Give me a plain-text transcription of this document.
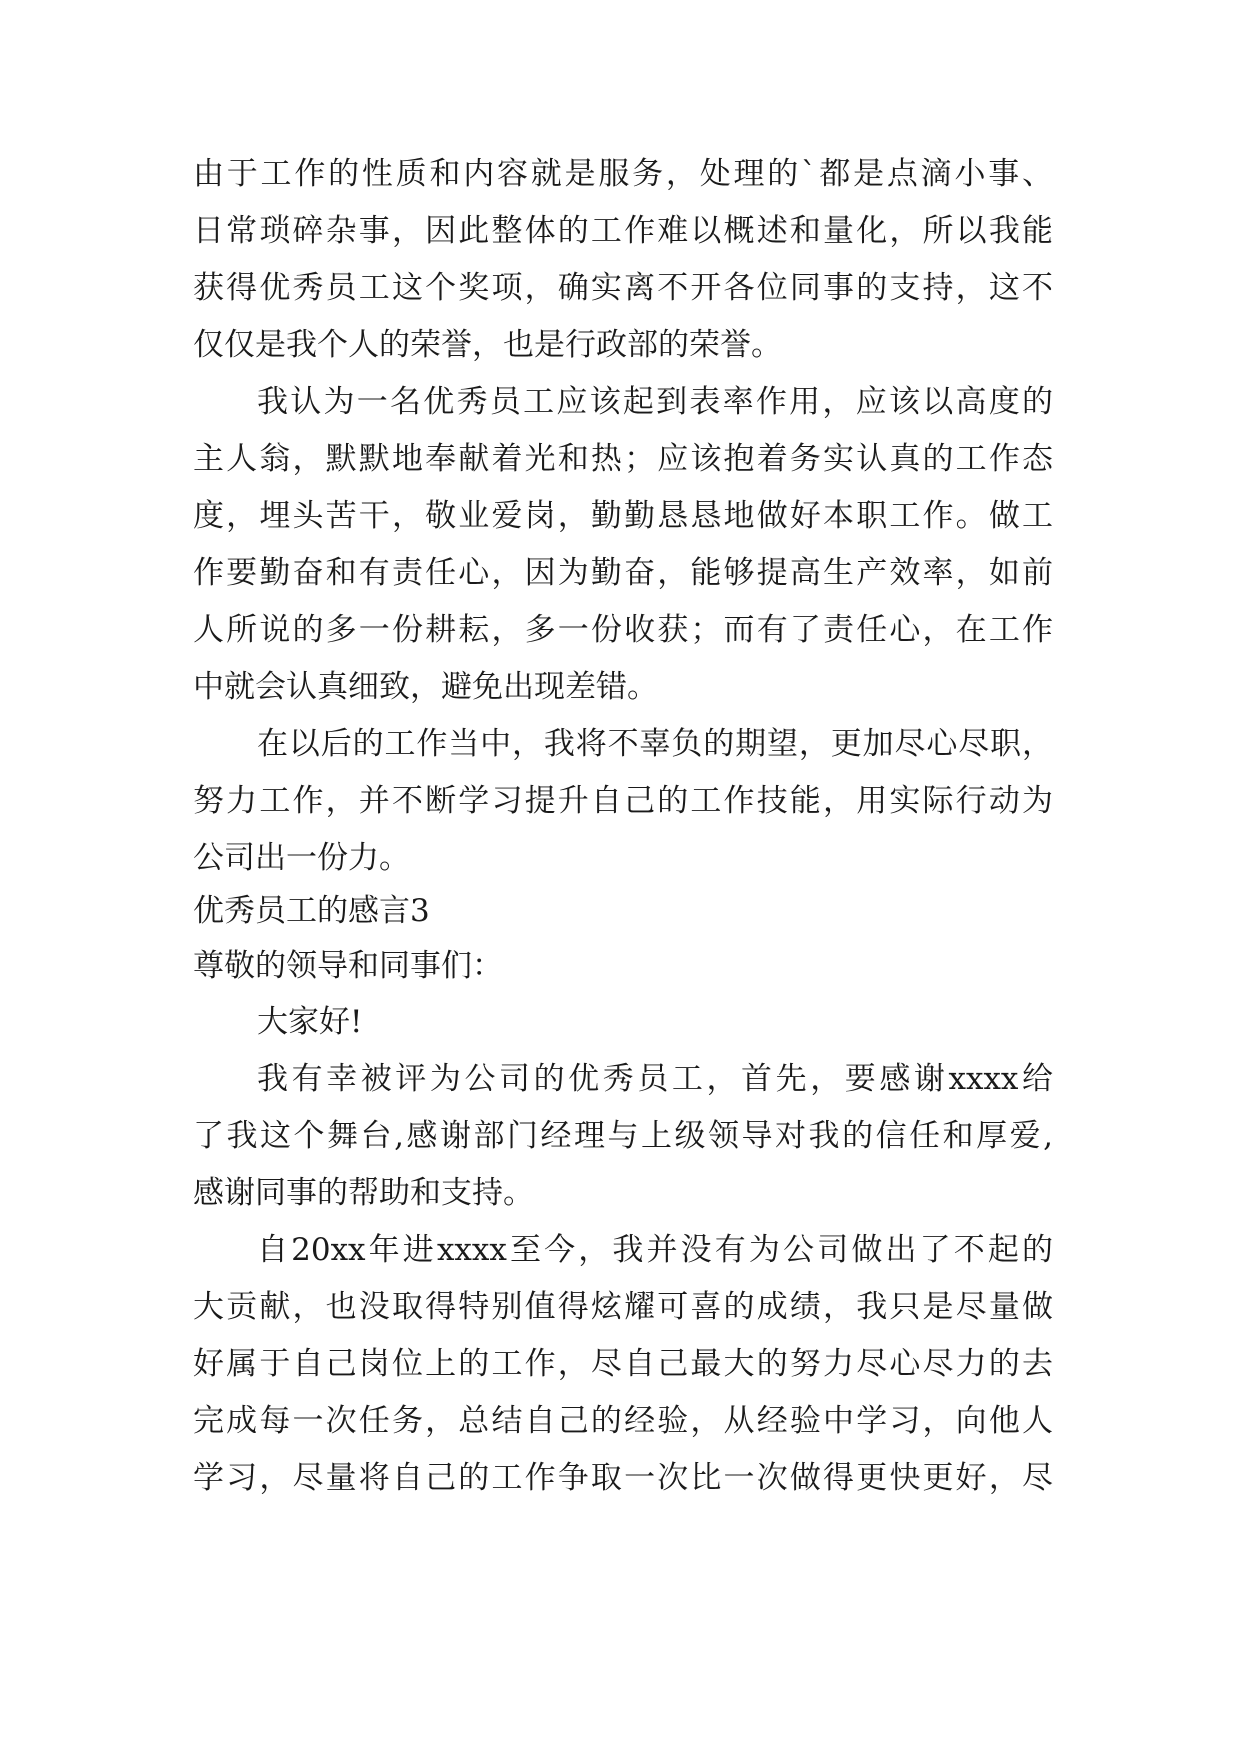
由于工作的性质和内容就是服务，处理的`都是点滴小事、
日常琐碎杂事，因此整体的工作难以概述和量化，所以我能
获得优秀员工这个奖项，确实离不开各位同事的支持，这不
仅仅是我个人的荣誉，也是行政部的荣誉。
我认为一名优秀员工应该起到表率作用，应该以高度的
主人翁，默默地奉献着光和热；应该抱着务实认真的工作态
度，埋头苦干，敬业爱岗，勤勤恳恳地做好本职工作。做工
作要勤奋和有责任心，因为勤奋，能够提高生产效率，如前
人所说的多一份耕耘，多一份收获；而有了责任心，在工作
中就会认真细致，避免出现差错。
在以后的工作当中，我将不辜负的期望，更加尽心尽职，
努力工作，并不断学习提升自己的工作技能，用实际行动为
公司出一份力。
优秀员工的感言3
尊敬的领导和同事们：
大家好!
我有幸被评为公司的优秀员工，首先，要感谢xxxx给
了我这个舞台,感谢部门经理与上级领导对我的信任和厚爱,
感谢同事的帮助和支持。
自20xx年进xxxx至今，我并没有为公司做出了不起的
大贡献，也没取得特别值得炫耀可喜的成绩，我只是尽量做
好属于自己岗位上的工作，尽自己最大的努力尽心尽力的去
完成每一次任务，总结自己的经验，从经验中学习，向他人
学习，尽量将自己的工作争取一次比一次做得更快更好，尽
